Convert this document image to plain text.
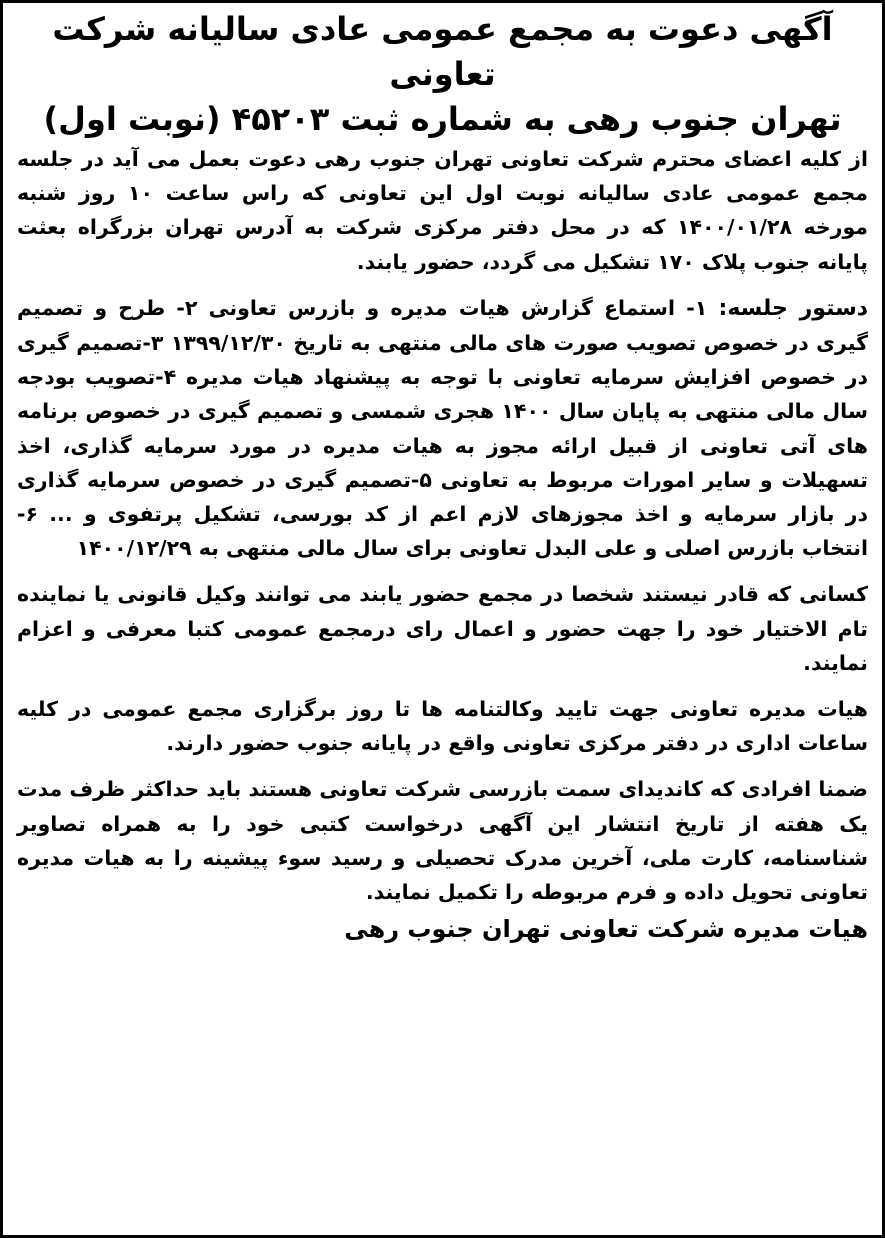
آگهی دعوت به مجمع عمومی عادی سالیانه شرکت تعاونی
تهران جنوب رهی به شماره ثبت ۴۵۲۰۳ (نوبت اول)

از کلیه اعضای محترم شرکت تعاونی تهران جنوب رهی دعوت بعمل می آید در جلسه مجمع عمومی عادی سالیانه نوبت اول این تعاونی که راس ساعت ۱۰ روز شنبه مورخه ۱۴۰۰/۰۱/۲۸ که در محل دفتر مرکزی شرکت به آدرس تهران بزرگراه بعثت پایانه جنوب پلاک ۱۷۰ تشکیل می گردد، حضور یابند.

دستور جلسه: ۱- استماع گزارش هیات مدیره و بازرس تعاونی ۲- طرح و تصمیم گیری در خصوص تصویب صورت های مالی منتهی به تاریخ ۱۳۹۹/۱۲/۳۰ ۳-تصمیم گیری در خصوص افزایش سرمایه تعاونی با توجه به پیشنهاد هیات مدیره ۴-تصویب بودجه سال مالی منتهی به پایان سال ۱۴۰۰ هجری شمسی و تصمیم گیری در خصوص برنامه های آتی تعاونی از قبیل ارائه مجوز به هیات مدیره در مورد سرمایه گذاری، اخذ تسهیلات و سایر امورات مربوط به تعاونی ۵-تصمیم گیری در خصوص سرمایه گذاری در بازار سرمایه و اخذ مجوزهای لازم اعم از کد بورسی، تشکیل پرتفوی و ... ۶-انتخاب بازرس اصلی و علی البدل تعاونی برای سال مالی منتهی به ۱۴۰۰/۱۲/۲۹

کسانی که قادر نیستند شخصا در مجمع حضور یابند می توانند وکیل قانونی یا نماینده تام الاختیار خود را جهت حضور و اعمال رای درمجمع عمومی کتبا معرفی و اعزام نمایند.

هیات مدیره تعاونی جهت تایید وکالتنامه ها تا روز برگزاری مجمع عمومی در کلیه ساعات اداری در دفتر مرکزی تعاونی واقع در پایانه جنوب حضور دارند.

ضمنا افرادی که کاندیدای سمت بازرسی شرکت تعاونی هستند باید حداکثر ظرف مدت یک هفته از تاریخ انتشار این آگهی درخواست کتبی خود را به همراه تصاویر شناسنامه، کارت ملی، آخرین مدرک تحصیلی و رسید سوء پیشینه را به هیات مدیره تعاونی تحویل داده و فرم مربوطه را تکمیل نمایند.

هیات مدیره شرکت تعاونی تهران جنوب رهی
